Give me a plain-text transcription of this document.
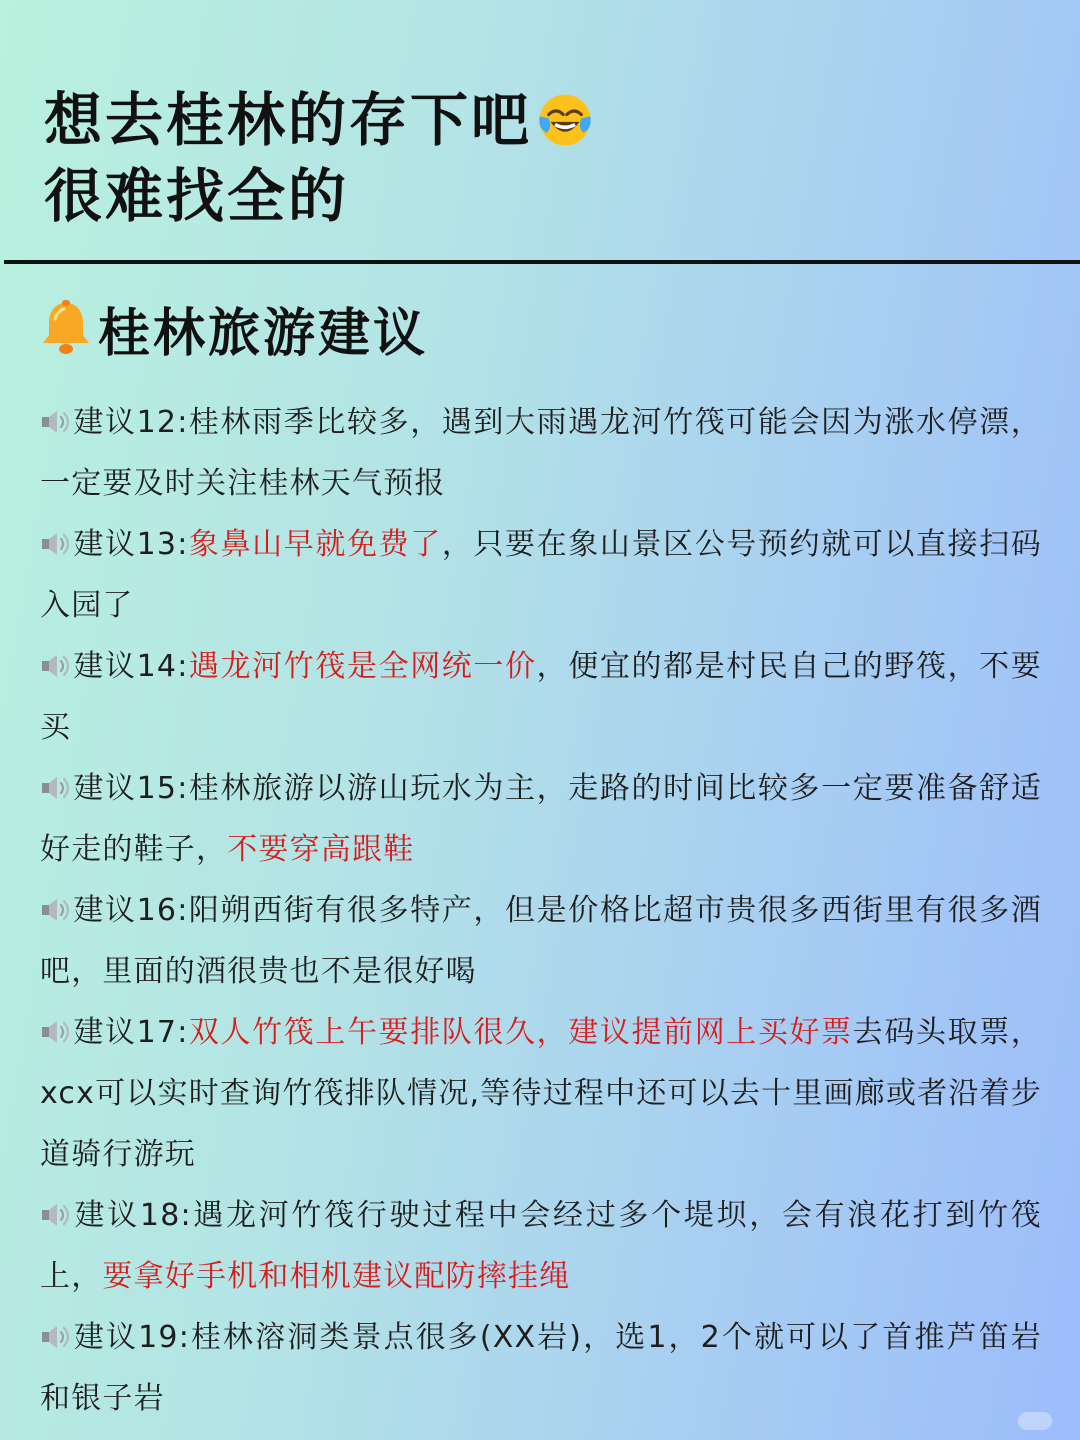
想去桂林的存下吧
很难找全的
桂林旅游建议

建议12:桂林雨季比较多，遇到大雨遇龙河竹筏可能会因为涨水停漂，一定要及时关注桂林天气预报

建议13:象鼻山早就免费了，只要在象山景区公号预约就可以直接扫码入园了

建议14:遇龙河竹筏是全网统一价，便宜的都是村民自己的野筏，不要买

建议15:桂林旅游以游山玩水为主，走路的时间比较多一定要准备舒适好走的鞋子，不要穿高跟鞋

建议16:阳朔西街有很多特产，但是价格比超市贵很多西街里有很多酒吧，里面的酒很贵也不是很好喝

建议17:双人竹筏上午要排队很久，建议提前网上买好票去码头取票，xcx可以实时查询竹筏排队情况,等待过程中还可以去十里画廊或者沿着步道骑行游玩

建议18:遇龙河竹筏行驶过程中会经过多个堤坝，会有浪花打到竹筏上，要拿好手机和相机建议配防摔挂绳

建议19:桂林溶洞类景点很多(XX岩)，选1，2个就可以了首推芦笛岩和银子岩
